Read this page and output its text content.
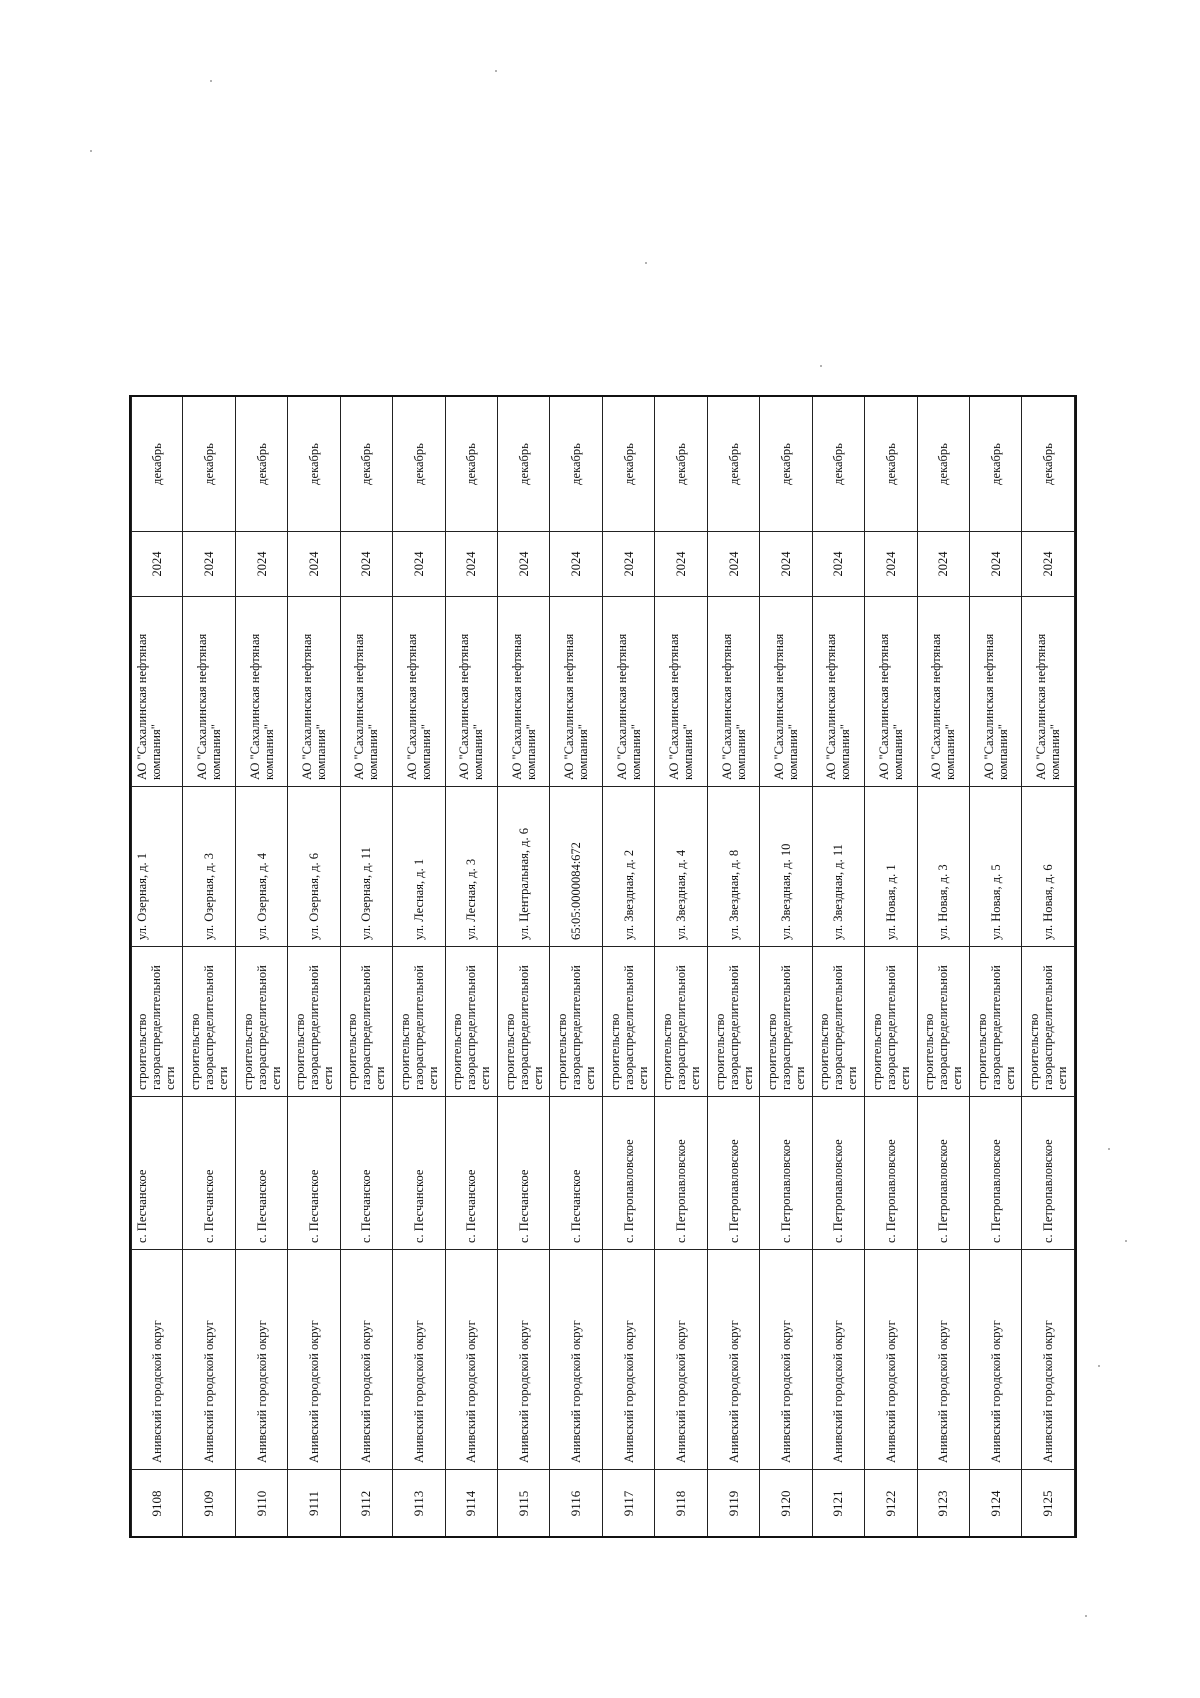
9108	Анивский городской округ	с. Песчанское	строительство газораспределительной сети	ул. Озерная, д. 1	АО "Сахалинская нефтяная компания"	2024	декабрь
9109	Анивский городской округ	с. Песчанское	строительство газораспределительной сети	ул. Озерная, д. 3	АО "Сахалинская нефтяная компания"	2024	декабрь
9110	Анивский городской округ	с. Песчанское	строительство газораспределительной сети	ул. Озерная, д. 4	АО "Сахалинская нефтяная компания"	2024	декабрь
9111	Анивский городской округ	с. Песчанское	строительство газораспределительной сети	ул. Озерная, д. 6	АО "Сахалинская нефтяная компания"	2024	декабрь
9112	Анивский городской округ	с. Песчанское	строительство газораспределительной сети	ул. Озерная, д. 11	АО "Сахалинская нефтяная компания"	2024	декабрь
9113	Анивский городской округ	с. Песчанское	строительство газораспределительной сети	ул. Лесная, д. 1	АО "Сахалинская нефтяная компания"	2024	декабрь
9114	Анивский городской округ	с. Песчанское	строительство газораспределительной сети	ул. Лесная, д. 3	АО "Сахалинская нефтяная компания"	2024	декабрь
9115	Анивский городской округ	с. Песчанское	строительство газораспределительной сети	ул. Центральная, д. 6	АО "Сахалинская нефтяная компания"	2024	декабрь
9116	Анивский городской округ	с. Песчанское	строительство газораспределительной сети	65:05:0000084:672	АО "Сахалинская нефтяная компания"	2024	декабрь
9117	Анивский городской округ	с. Петропавловское	строительство газораспределительной сети	ул. Звездная, д. 2	АО "Сахалинская нефтяная компания"	2024	декабрь
9118	Анивский городской округ	с. Петропавловское	строительство газораспределительной сети	ул. Звездная, д. 4	АО "Сахалинская нефтяная компания"	2024	декабрь
9119	Анивский городской округ	с. Петропавловское	строительство газораспределительной сети	ул. Звездная, д. 8	АО "Сахалинская нефтяная компания"	2024	декабрь
9120	Анивский городской округ	с. Петропавловское	строительство газораспределительной сети	ул. Звездная, д. 10	АО "Сахалинская нефтяная компания"	2024	декабрь
9121	Анивский городской округ	с. Петропавловское	строительство газораспределительной сети	ул. Звездная, д. 11	АО "Сахалинская нефтяная компания"	2024	декабрь
9122	Анивский городской округ	с. Петропавловское	строительство газораспределительной сети	ул. Новая, д. 1	АО "Сахалинская нефтяная компания"	2024	декабрь
9123	Анивский городской округ	с. Петропавловское	строительство газораспределительной сети	ул. Новая, д. 3	АО "Сахалинская нефтяная компания"	2024	декабрь
9124	Анивский городской округ	с. Петропавловское	строительство газораспределительной сети	ул. Новая, д. 5	АО "Сахалинская нефтяная компания"	2024	декабрь
9125	Анивский городской округ	с. Петропавловское	строительство газораспределительной сети	ул. Новая, д. 6	АО "Сахалинская нефтяная компания"	2024	декабрь
